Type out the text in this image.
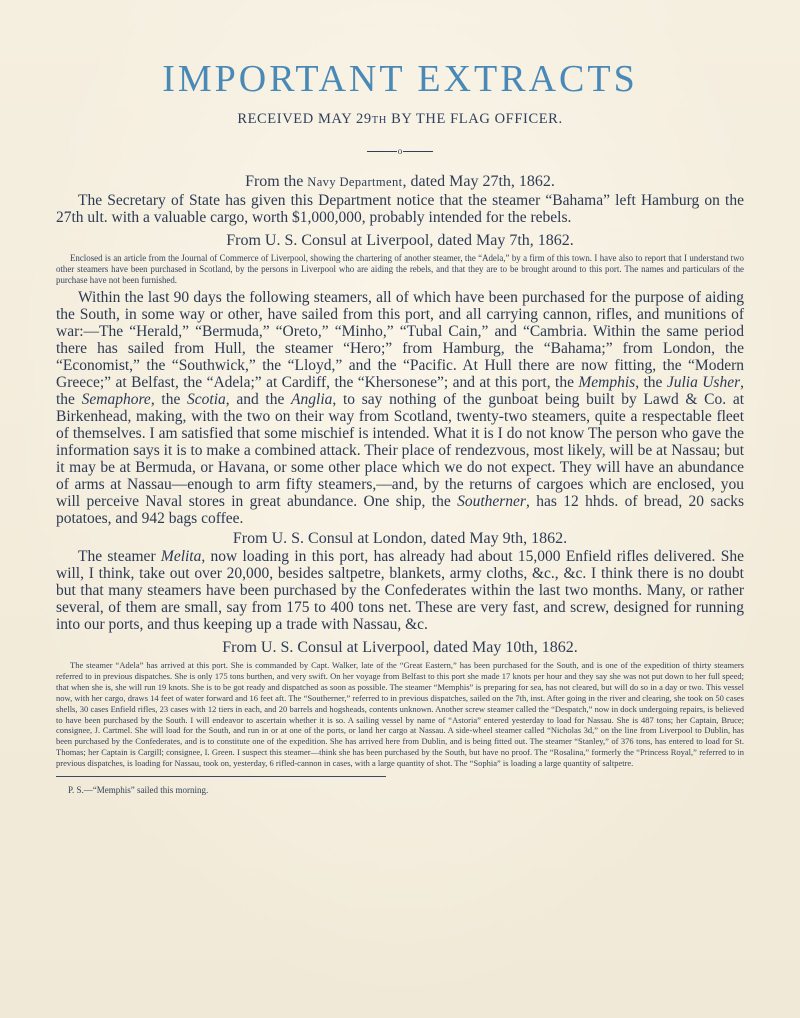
IMPORTANT EXTRACTS

RECEIVED MAY 29TH BY THE FLAG OFFICER.

o

From the Navy Department, dated May 27th, 1862.

The Secretary of State has given this Department notice that the steamer “Bahama” left Hamburg on the 27th ult. with a valuable cargo, worth $1,000,000, probably intended for the rebels.

From U. S. Consul at Liverpool, dated May 7th, 1862.

Enclosed is an article from the Journal of Commerce of Liverpool, showing the chartering of another steamer, the “Adela,” by a firm of this town. I have also to report that I understand two other steamers have been purchased in Scotland, by the persons in Liverpool who are aiding the rebels, and that they are to be brought around to this port. The names and particulars of the purchase have not been furnished.

Within the last 90 days the following steamers, all of which have been purchased for the purpose of aiding the South, in some way or other, have sailed from this port, and all carrying cannon, rifles, and munitions of war:—The “Herald,” “Bermuda,” “Oreto,” “Minho,” “Tubal Cain,” and “Cambria. Within the same period there has sailed from Hull, the steamer “Hero;” from Hamburg, the “Bahama;” from London, the “Economist,” the “Southwick,” the “Lloyd,” and the “Pacific. At Hull there are now fitting, the “Modern Greece;” at Belfast, the “Adela;” at Cardiff, the “Khersonese”; and at this port, the Memphis, the Julia Usher, the Semaphore, the Scotia, and the Anglia, to say nothing of the gunboat being built by Lawd & Co. at Birkenhead, making, with the two on their way from Scotland, twenty-two steamers, quite a respectable fleet of themselves. I am satisfied that some mischief is intended. What it is I do not know The person who gave the information says it is to make a combined attack. Their place of rendezvous, most likely, will be at Nassau; but it may be at Bermuda, or Havana, or some other place which we do not expect. They will have an abundance of arms at Nassau—enough to arm fifty steamers,—and, by the returns of cargoes which are enclosed, you will perceive Naval stores in great abundance. One ship, the Southerner, has 12 hhds. of bread, 20 sacks potatoes, and 942 bags coffee.

From U. S. Consul at London, dated May 9th, 1862.

The steamer Melita, now loading in this port, has already had about 15,000 Enfield rifles delivered. She will, I think, take out over 20,000, besides saltpetre, blankets, army cloths, &c., &c. I think there is no doubt but that many steamers have been purchased by the Confederates within the last two months. Many, or rather several, of them are small, say from 175 to 400 tons net. These are very fast, and screw, designed for running into our ports, and thus keeping up a trade with Nassau, &c.

From U. S. Consul at Liverpool, dated May 10th, 1862.

The steamer “Adela” has arrived at this port. She is commanded by Capt. Walker, late of the “Great Eastern,” has been purchased for the South, and is one of the expedition of thirty steamers referred to in previous dispatches. She is only 175 tons burthen, and very swift. On her voyage from Belfast to this port she made 17 knots per hour and they say she was not put down to her full speed; that when she is, she will run 19 knots. She is to be got ready and dispatched as soon as possible. The steamer “Memphis” is preparing for sea, has not cleared, but will do so in a day or two. This vessel now, with her cargo, draws 14 feet of water forward and 16 feet aft. The “Southerner,” referred to in previous dispatches, sailed on the 7th, inst. After going in the river and clearing, she took on 50 cases shells, 30 cases Enfield rifles, 23 cases with 12 tiers in each, and 20 barrels and hogsheads, contents unknown. Another screw steamer called the “Despatch,” now in dock undergoing repairs, is believed to have been purchased by the South. I will endeavor to ascertain whether it is so. A sailing vessel by name of “Astoria” entered yesterday to load for Nassau. She is 487 tons; her Captain, Bruce; consignee, J. Cartmel. She will load for the South, and run in or at one of the ports, or land her cargo at Nassau. A side-wheel steamer called “Nicholas 3d,” on the line from Liverpool to Dublin, has been purchased by the Confederates, and is to constitute one of the expedition. She has arrived here from Dublin, and is being fitted out. The steamer “Stanley,” of 376 tons, has entered to load for St. Thomas; her Captain is Cargill; consignee, I. Green. I suspect this steamer—think she has been purchased by the South, but have no proof. The “Rosalina,” formerly the “Princess Royal,” referred to in previous dispatches, is loading for Nassau, took on, yesterday, 6 rifled-cannon in cases, with a large quantity of shot. The “Sophia” is loading a large quantity of saltpetre.

P. S.—“Memphis” sailed this morning.
